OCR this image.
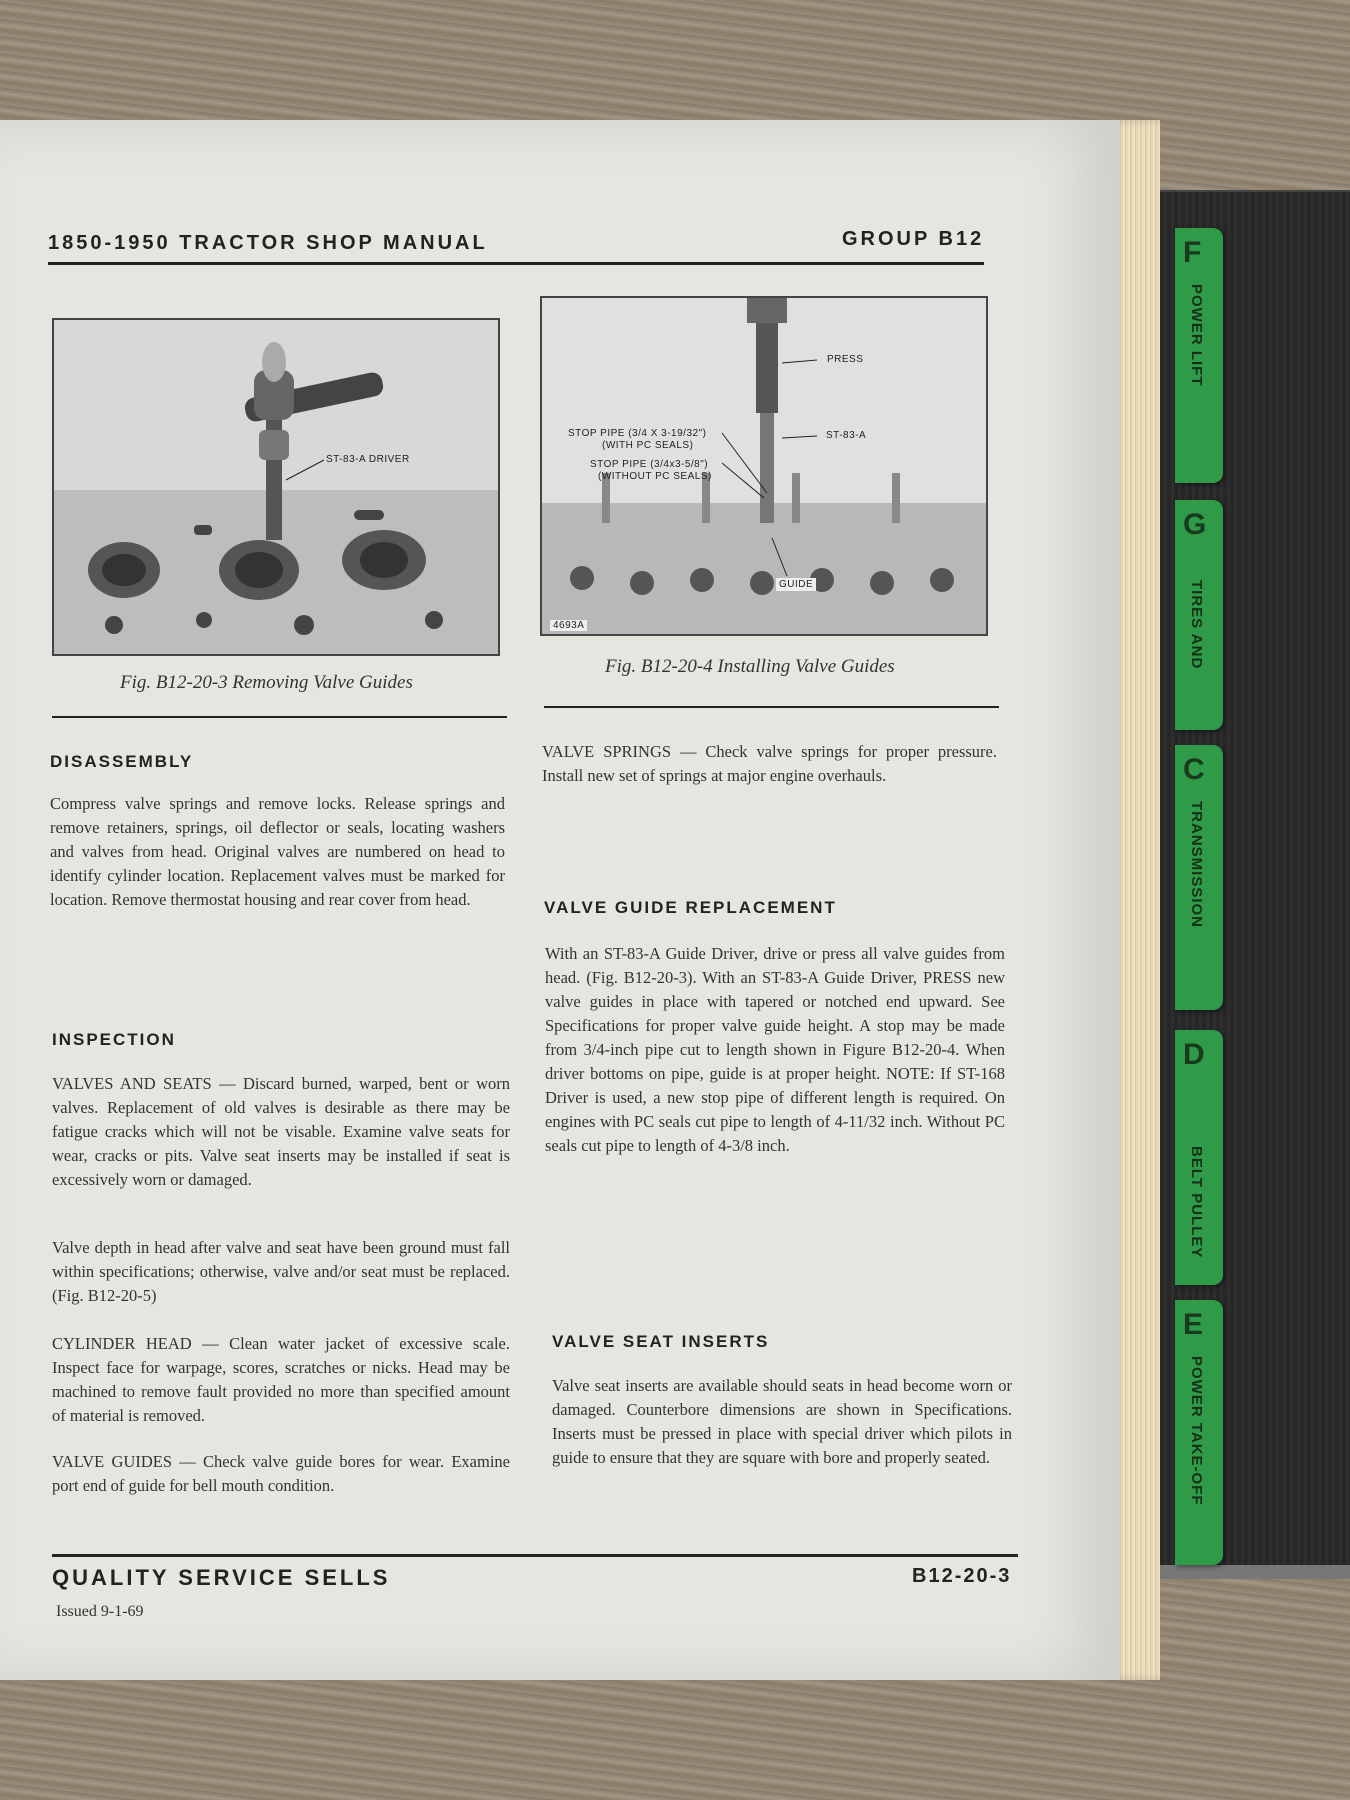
F
POWER LIFT
G
TIRES AND
C
TRANSMISSION
D
BELT PULLEY
E
POWER TAKE-OFF
1850-1950 TRACTOR SHOP MANUAL	GROUP B12
ST-83-A DRIVER
Fig. B12-20-3 Removing Valve Guides
PRESS
ST-83-A
STOP PIPE (3/4 X 3-19/32")
(WITH PC SEALS)
STOP PIPE (3/4x3-5/8")
(WITHOUT PC SEALS)
GUIDE
4693A
Fig. B12-20-4 Installing Valve Guides
DISASSEMBLY
Compress valve springs and remove locks. Release springs and remove retainers, springs, oil deflector or seals, locating washers and valves from head. Original valves are numbered on head to identify cylinder location. Replacement valves must be marked for location. Remove thermostat housing and rear cover from head.
INSPECTION
VALVES AND SEATS — Discard burned, warped, bent or worn valves. Replacement of old valves is desirable as there may be fatigue cracks which will not be visable. Examine valve seats for wear, cracks or pits. Valve seat inserts may be installed if seat is excessively worn or damaged.
Valve depth in head after valve and seat have been ground must fall within specifications; otherwise, valve and/or seat must be replaced.(Fig. B12-20-5)
CYLINDER HEAD — Clean water jacket of excessive scale. Inspect face for warpage, scores, scratches or nicks. Head may be machined to remove fault provided no more than specified amount of material is removed.
VALVE GUIDES — Check valve guide bores for wear. Examine port end of guide for bell mouth condition.
VALVE SPRINGS — Check valve springs for proper pressure. Install new set of springs at major engine overhauls.
VALVE GUIDE REPLACEMENT
With an ST-83-A Guide Driver, drive or press all valve guides from head. (Fig. B12-20-3). With an ST-83-A Guide Driver, PRESS new valve guides in place with tapered or notched end upward. See Specifications for proper valve guide height. A stop may be made from 3/4-inch pipe cut to length shown in Figure B12-20-4. When driver bottoms on pipe, guide is at proper height. NOTE: If ST-168 Driver is used, a new stop pipe of different length is required. On engines with PC seals cut pipe to length of 4-11/32 inch. Without PC seals cut pipe to length of 4-3/8 inch.
VALVE SEAT INSERTS
Valve seat inserts are available should seats in head become worn or damaged. Counterbore dimensions are shown in Specifications. Inserts must be pressed in place with special driver which pilots in guide to ensure that they are square with bore and properly seated.
QUALITY SERVICE SELLS
Issued 9-1-69
B12-20-3
